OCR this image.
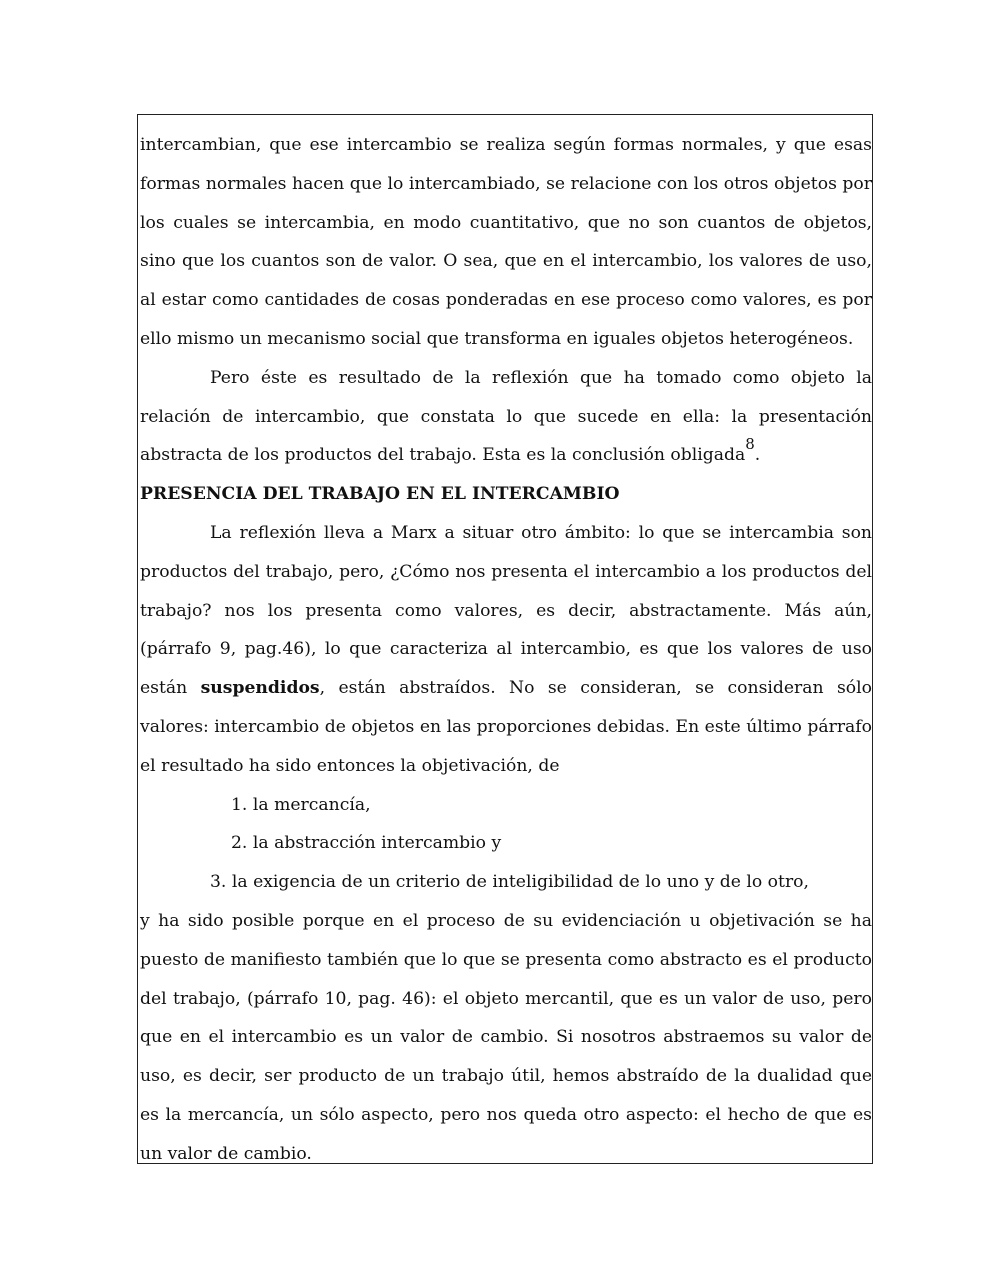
intercambian, que ese intercambio se realiza según formas normales, y que esas formas normales hacen que lo intercambiado, se relacione con los otros objetos por los cuales se intercambia, en modo cuantitativo, que no son cuantos de objetos, sino que los cuantos son de valor. O sea, que en el intercambio, los valores de uso, al estar como cantidades de cosas ponderadas en ese proceso como valores, es por ello mismo un mecanismo social que transforma en iguales objetos heterogéneos.

Pero éste es resultado de la reflexión que ha tomado como objeto la relación de intercambio, que constata lo que sucede en ella: la presentación abstracta de los productos del trabajo. Esta es la conclusión obligada$^8$.

PRESENCIA DEL TRABAJO EN EL INTERCAMBIO

La reflexión lleva a Marx a situar otro ámbito: lo que se intercambia son productos del trabajo, pero, ¿Cómo nos presenta el intercambio a los productos del trabajo? nos los presenta como valores, es decir, abstractamente. Más aún, (párrafo 9, pag.46), lo que caracteriza al intercambio, es que los valores de uso están suspendidos, están abstraídos. No se consideran, se consideran sólo valores: intercambio de objetos en las proporciones debidas. En este último párrafo el resultado ha sido entonces la objetivación, de

1. la mercancía,

2. la abstracción intercambio y

3. la exigencia de un criterio de inteligibilidad de lo uno y de lo otro,

y ha sido posible porque en el proceso de su evidenciación u objetivación se ha puesto de manifiesto también que lo que se presenta como abstracto es el producto del trabajo, (párrafo 10, pag. 46): el objeto mercantil, que es un valor de uso, pero que en el intercambio es un valor de cambio. Si nosotros abstraemos su valor de uso, es decir, ser producto de un trabajo útil, hemos abstraído de la dualidad que es la mercancía, un sólo aspecto, pero nos queda otro aspecto: el hecho de que es un valor de cambio.
